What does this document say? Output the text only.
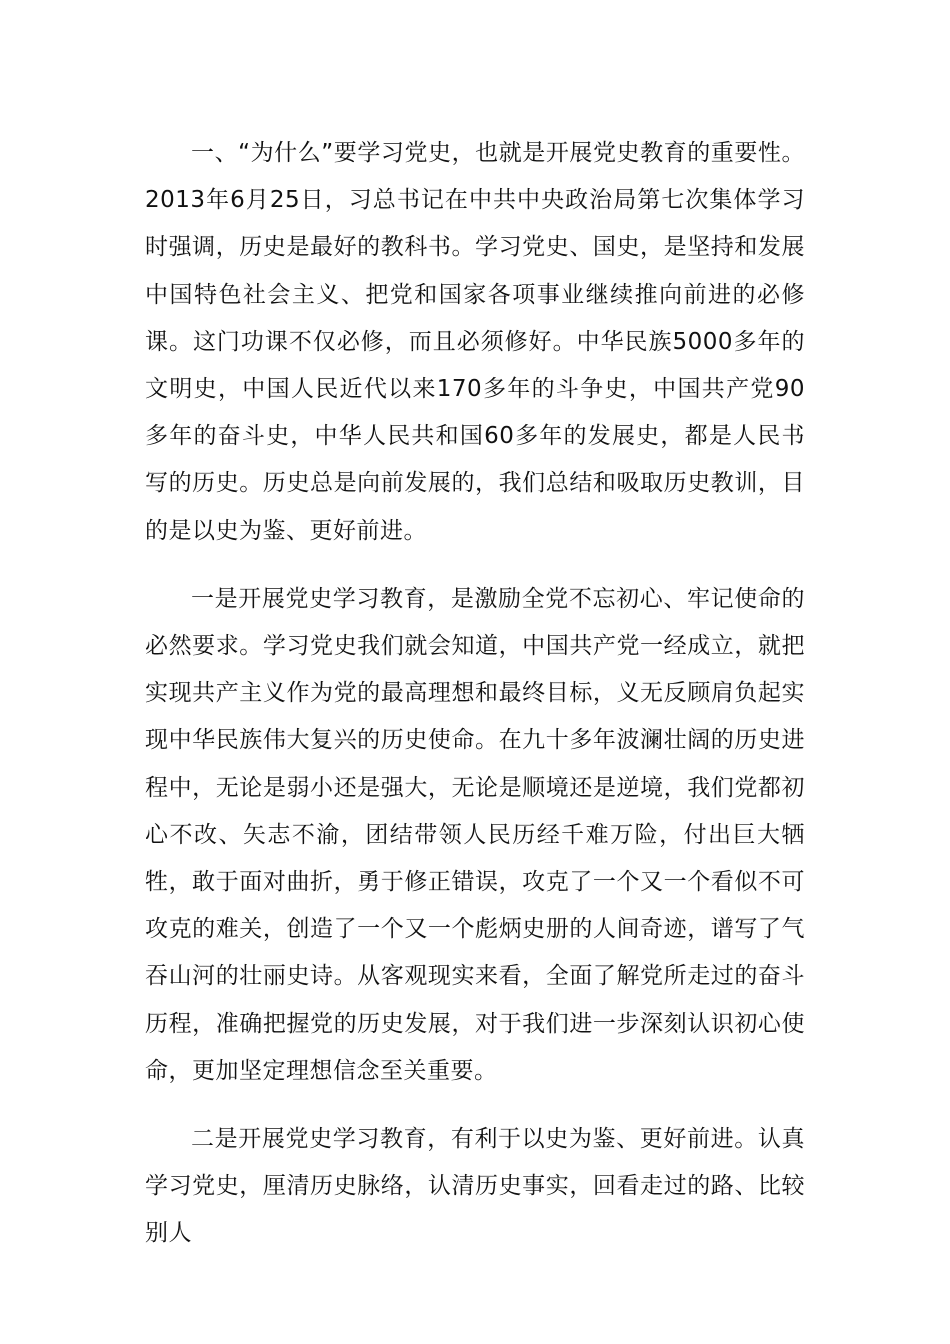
一、“为什么”要学习党史，也就是开展党史教育的重要性。2013年6月25日，习总书记在中共中央政治局第七次集体学习时强调，历史是最好的教科书。学习党史、国史，是坚持和发展中国特色社会主义、把党和国家各项事业继续推向前进的必修课。这门功课不仅必修，而且必须修好。中华民族5000多年的文明史，中国人民近代以来170多年的斗争史，中国共产党90多年的奋斗史，中华人民共和国60多年的发展史，都是人民书写的历史。历史总是向前发展的，我们总结和吸取历史教训，目的是以史为鉴、更好前进。

一是开展党史学习教育，是激励全党不忘初心、牢记使命的必然要求。学习党史我们就会知道，中国共产党一经成立，就把实现共产主义作为党的最高理想和最终目标，义无反顾肩负起实现中华民族伟大复兴的历史使命。在九十多年波澜壮阔的历史进程中，无论是弱小还是强大，无论是顺境还是逆境，我们党都初心不改、矢志不渝，团结带领人民历经千难万险，付出巨大牺牲，敢于面对曲折，勇于修正错误，攻克了一个又一个看似不可攻克的难关，创造了一个又一个彪炳史册的人间奇迹，谱写了气吞山河的壮丽史诗。从客观现实来看，全面了解党所走过的奋斗历程，准确把握党的历史发展，对于我们进一步深刻认识初心使命，更加坚定理想信念至关重要。

二是开展党史学习教育，有利于以史为鉴、更好前进。认真学习党史，厘清历史脉络，认清历史事实，回看走过的路、比较别人
